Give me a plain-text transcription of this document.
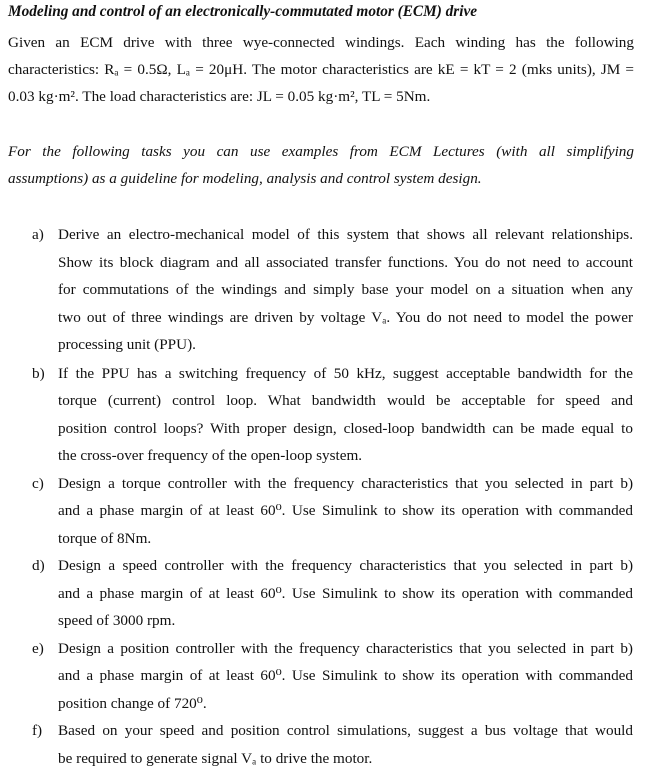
Modeling and control of an electronically-commutated motor (ECM) drive

Given an ECM drive with three wye-connected windings. Each winding has the following

characteristics: Rₐ = 0.5Ω, Lₐ = 20μH. The motor characteristics are kE = kT = 2 (mks units), JM =

0.03 kg·m². The load characteristics are: JL = 0.05 kg·m², TL = 5Nm.

For the following tasks you can use examples from ECM Lectures (with all simplifying

assumptions) as a guideline for modeling, analysis and control system design.

a) Derive an electro-mechanical model of this system that shows all relevant relationships.
Show its block diagram and all associated transfer functions. You do not need to account
for commutations of the windings and simply base your model on a situation when any
two out of three windings are driven by voltage Vₐ. You do not need to model the power
processing unit (PPU).
b) If the PPU has a switching frequency of 50 kHz, suggest acceptable bandwidth for the
torque (current) control loop. What bandwidth would be acceptable for speed and
position control loops? With proper design, closed-loop bandwidth can be made equal to
the cross-over frequency of the open-loop system.
c) Design a torque controller with the frequency characteristics that you selected in part b)
and a phase margin of at least 60⁰. Use Simulink to show its operation with commanded
torque of 8Nm.
d) Design a speed controller with the frequency characteristics that you selected in part b)
and a phase margin of at least 60⁰. Use Simulink to show its operation with commanded
speed of 3000 rpm.
e) Design a position controller with the frequency characteristics that you selected in part b)
and a phase margin of at least 60⁰. Use Simulink to show its operation with commanded
position change of 720⁰.
f) Based on your speed and position control simulations, suggest a bus voltage that would
be required to generate signal Vₐ to drive the motor.
